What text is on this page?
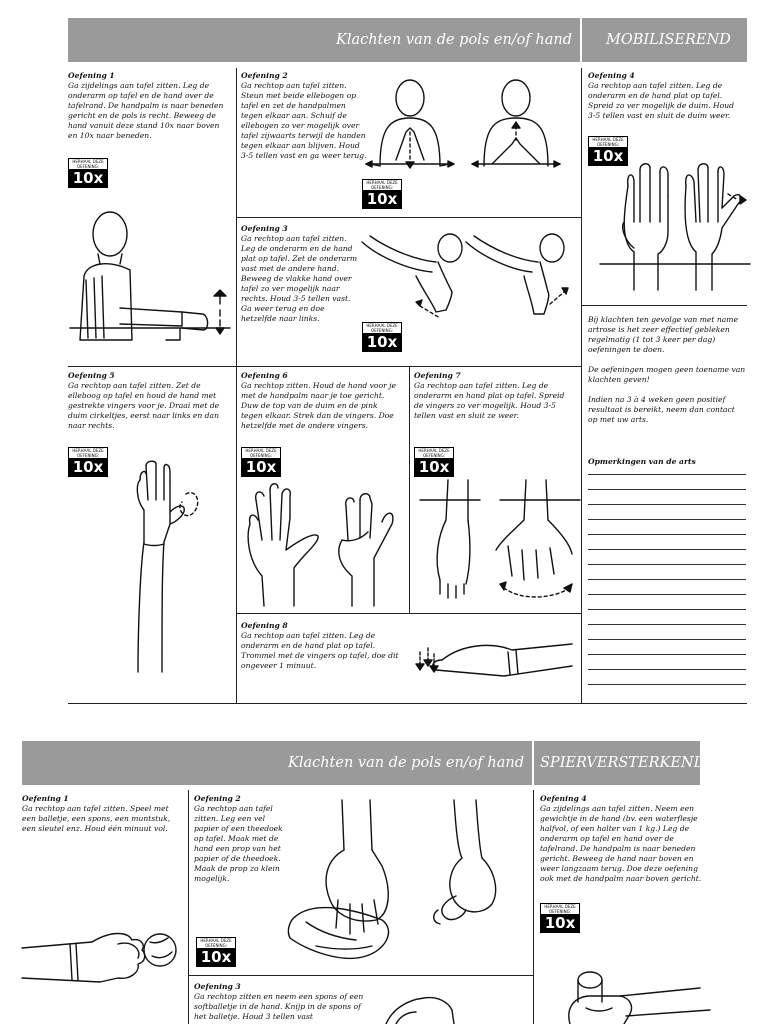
Klachten van de pols en/of hand MOBILISEREND
Oefening 1
Ga zijdelings aan tafel zitten. Leg de onderarm op tafel en de hand over de tafelrand. De handpalm is naar beneden gericht en de pols is recht. Beweeg de hand vanuit deze stand 10x naar boven en 10x naar beneden.
HERHAAL DEZE OEFENING:
10x
Oefening 2
Ga rechtop aan tafel zitten. Steun met beide ellebogen op tafel en zet de handpalmen tegen elkaar aan. Schuif de ellebogen zo ver mogelijk over tafel zijwaarts terwijl de handen tegen elkaar aan blijven. Houd 3-5 tellen vast en ga weer terug.
HERHAAL DEZE OEFENING:
10x
Oefening 3
Ga rechtop aan tafel zitten. Leg de onderarm en de hand plat op tafel. Zet de onderarm vast met de andere hand. Beweeg de vlakke hand over tafel zo ver mogelijk naar rechts. Houd 3-5 tellen vast. Ga weer terug en doe hetzelfde naar links.
HERHAAL DEZE OEFENING:
10x
Oefening 4
Ga rechtop aan tafel zitten. Leg de onderarm en de hand plat op tafel. Spreid zo ver mogelijk de duim. Houd 3-5 tellen vast en sluit de duim weer.
HERHAAL DEZE OEFENING:
10x
Bij klachten ten gevolge van met name artrose is het zeer effectief gebleken regelmatig (1 tot 3 keer per dag) oefeningen te doen.
De oefeningen mogen geen toename van klachten geven!
Indien na 3 à 4 weken geen positief resultaat is bereikt, neem dan contact op met uw arts.
Opmerkingen van de arts
Oefening 5
Ga rechtop aan tafel zitten. Zet de elleboog op tafel en houd de hand met gestrekte vingers voor je. Draai met de duim cirkeltjes, eerst naar links en dan naar rechts.
HERHAAL DEZE OEFENING:
10x
Oefening 6
Ga rechtop zitten. Houd de hand voor je met de handpalm naar je toe gericht. Duw de top van de duim en de pink tegen elkaar. Strek dan de vingers. Doe hetzelfde met de andere vingers.
HERHAAL DEZE OEFENING:
10x
Oefening 7
Ga rechtop aan tafel zitten. Leg de onderarm en hand plat op tafel. Spreid de vingers zo ver mogelijk. Houd 3-5 tellen vast en sluit ze weer.
HERHAAL DEZE OEFENING:
10x
Oefening 8
Ga rechtop aan tafel zitten. Leg de onderarm en de hand plat op tafel. Trommel met de vingers op tafel, doe dit ongeveer 1 minuut.
Klachten van de pols en/of hand SPIERVERSTERKEND
Oefening 1
Ga rechtop aan tafel zitten. Speel met een balletje, een spons, een muntstuk, een sleutel enz. Houd één minuut vol.
Oefening 2
Ga rechtop aan tafel zitten. Leg een vel papier of een theedoek op tafel. Maak met de hand een prop van het papier of de theedoek. Maak de prop zo klein mogelijk.
HERHAAL DEZE OEFENING:
10x
Oefening 3
Ga rechtop zitten en neem een spons of een softballetje in de hand. Knijp in de spons of het balletje. Houd 3 tellen vast
Oefening 4
Ga zijdelings aan tafel zitten. Neem een gewichtje in de hand (bv. een waterflesje halfvol, of een halter van 1 kg.) Leg de onderarm op tafel en hand over de tafelrand. De handpalm is naar beneden gericht. Beweeg de hand naar boven en weer langzaam terug. Doe deze oefening ook met de handpalm naar boven gericht.
HERHAAL DEZE OEFENING:
10x
